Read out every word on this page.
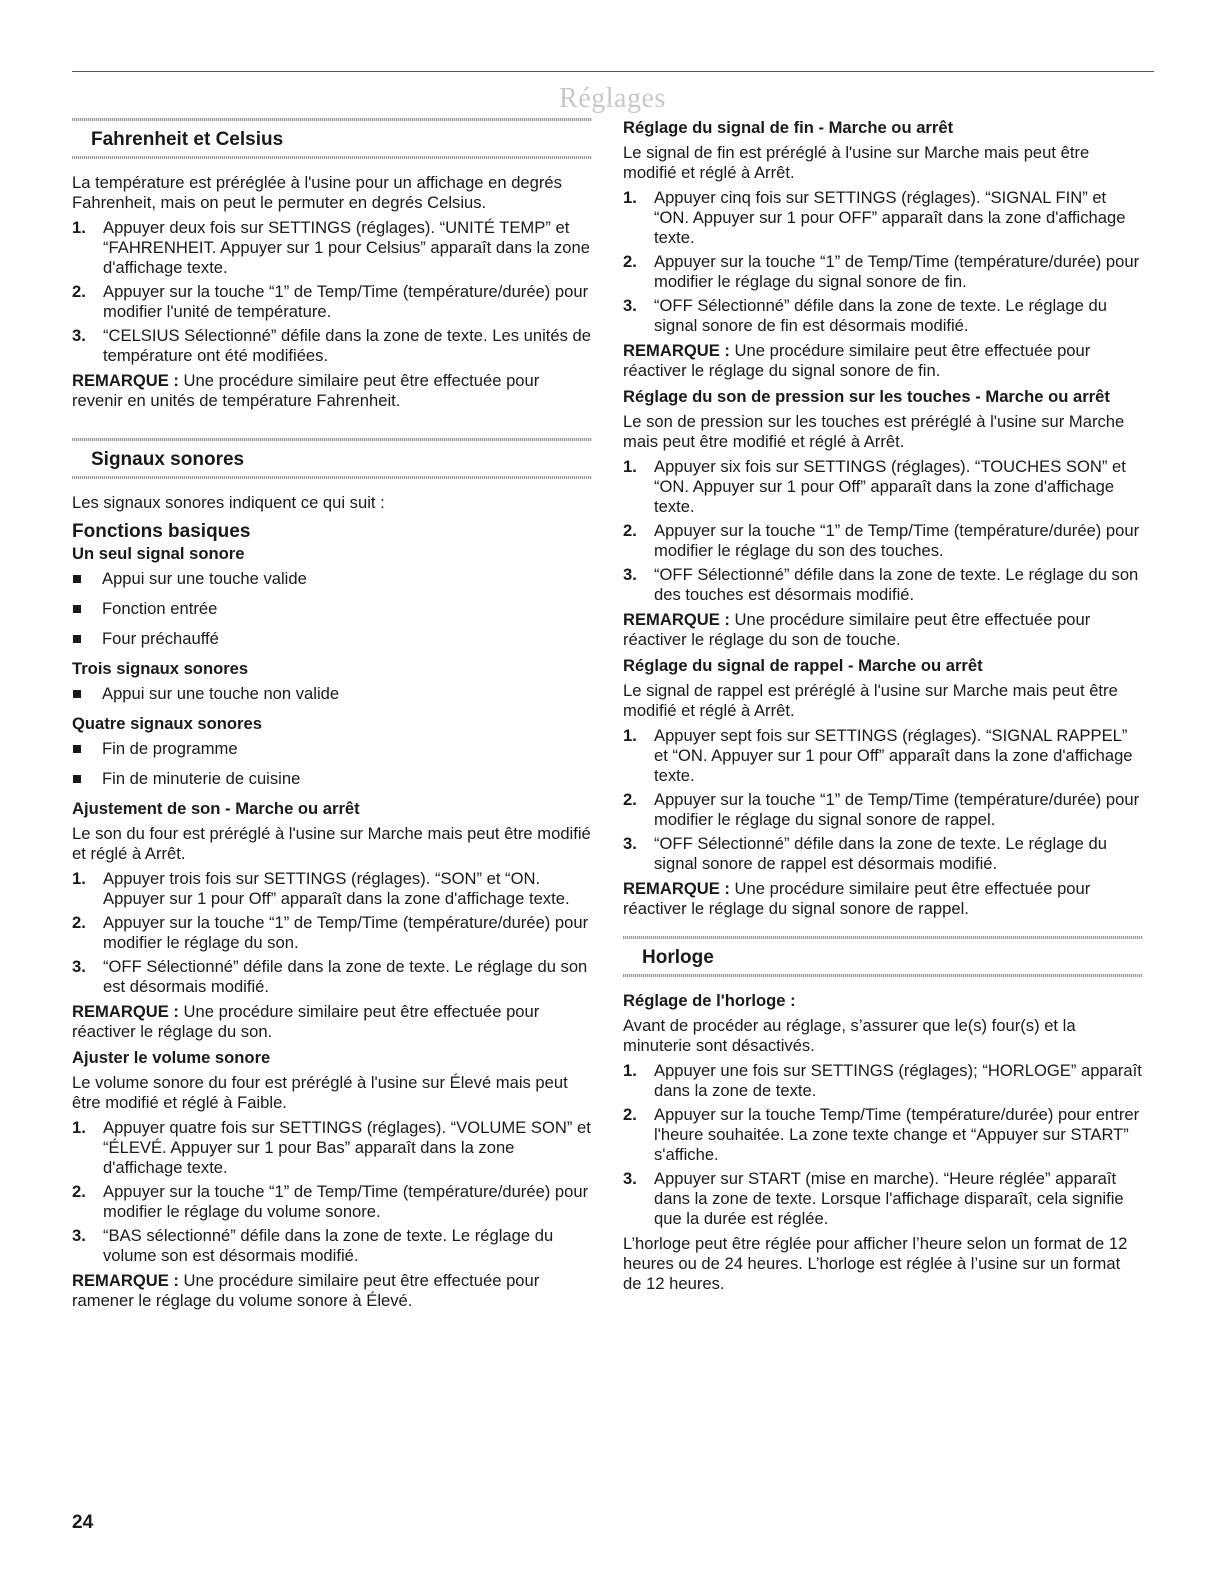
Réglages
Fahrenheit et Celsius

La température est préréglée à l'usine pour un affichage en degrés Fahrenheit, mais on peut le permuter en degrés Celsius.

1.	Appuyer deux fois sur SETTINGS (réglages). “UNITÉ TEMP” et “FAHRENHEIT. Appuyer sur 1 pour Celsius” apparaît dans la zone d'affichage texte.
2.	Appuyer sur la touche “1” de Temp/Time (température/durée) pour modifier l'unité de température.
3.	“CELSIUS Sélectionné” défile dans la zone de texte. Les unités de température ont été modifiées.

REMARQUE : Une procédure similaire peut être effectuée pour revenir en unités de température Fahrenheit.

Signaux sonores

Les signaux sonores indiquent ce qui suit :

Fonctions basiques
Un seul signal sonore
Appui sur une touche valide
Fonction entrée
Four préchauffé
Trois signaux sonores
Appui sur une touche non valide
Quatre signaux sonores
Fin de programme
Fin de minuterie de cuisine
Ajustement de son - Marche ou arrêt

Le son du four est préréglé à l'usine sur Marche mais peut être modifié et réglé à Arrêt.

1.	Appuyer trois fois sur SETTINGS (réglages). “SON” et “ON. Appuyer sur 1 pour Off” apparaît dans la zone d'affichage texte.
2.	Appuyer sur la touche “1” de Temp/Time (température/durée) pour modifier le réglage du son.
3.	“OFF Sélectionné” défile dans la zone de texte. Le réglage du son est désormais modifié.

REMARQUE : Une procédure similaire peut être effectuée pour réactiver le réglage du son.

Ajuster le volume sonore

Le volume sonore du four est préréglé à l'usine sur Élevé mais peut être modifié et réglé à Faible.

1.	Appuyer quatre fois sur SETTINGS (réglages). “VOLUME SON” et “ÉLEVÉ. Appuyer sur 1 pour Bas” apparaît dans la zone d'affichage texte.
2.	Appuyer sur la touche “1” de Temp/Time (température/durée) pour modifier le réglage du volume sonore.
3.	“BAS sélectionné” défile dans la zone de texte. Le réglage du volume son est désormais modifié.

REMARQUE : Une procédure similaire peut être effectuée pour ramener le réglage du volume sonore à Élevé.

Réglage du signal de fin - Marche ou arrêt

Le signal de fin est préréglé à l'usine sur Marche mais peut être modifié et réglé à Arrêt.

1.	Appuyer cinq fois sur SETTINGS (réglages). “SIGNAL FIN” et “ON. Appuyer sur 1 pour OFF” apparaît dans la zone d'affichage texte.
2.	Appuyer sur la touche “1” de Temp/Time (température/durée) pour modifier le réglage du signal sonore de fin.
3.	“OFF Sélectionné” défile dans la zone de texte. Le réglage du signal sonore de fin est désormais modifié.

REMARQUE : Une procédure similaire peut être effectuée pour réactiver le réglage du signal sonore de fin.

Réglage du son de pression sur les touches - Marche ou arrêt

Le son de pression sur les touches est préréglé à l'usine sur Marche mais peut être modifié et réglé à Arrêt.

1.	Appuyer six fois sur SETTINGS (réglages). “TOUCHES SON” et “ON. Appuyer sur 1 pour Off” apparaît dans la zone d'affichage texte.
2.	Appuyer sur la touche “1” de Temp/Time (température/durée) pour modifier le réglage du son des touches.
3.	“OFF Sélectionné” défile dans la zone de texte. Le réglage du son des touches est désormais modifié.

REMARQUE : Une procédure similaire peut être effectuée pour réactiver le réglage du son de touche.

Réglage du signal de rappel - Marche ou arrêt

Le signal de rappel est préréglé à l'usine sur Marche mais peut être modifié et réglé à Arrêt.

1.	Appuyer sept fois sur SETTINGS (réglages). “SIGNAL RAPPEL” et “ON. Appuyer sur 1 pour Off” apparaît dans la zone d'affichage texte.
2.	Appuyer sur la touche “1” de Temp/Time (température/durée) pour modifier le réglage du signal sonore de rappel.
3.	“OFF Sélectionné” défile dans la zone de texte. Le réglage du signal sonore de rappel est désormais modifié.

REMARQUE : Une procédure similaire peut être effectuée pour réactiver le réglage du signal sonore de rappel.

Horloge
Réglage de l'horloge :

Avant de procéder au réglage, s’assurer que le(s) four(s) et la minuterie sont désactivés.

1.	Appuyer une fois sur SETTINGS (réglages); “HORLOGE” apparaît dans la zone de texte.
2.	Appuyer sur la touche Temp/Time (température/durée) pour entrer l'heure souhaitée. La zone texte change et “Appuyer sur START” s'affiche.
3.	Appuyer sur START (mise en marche). “Heure réglée” apparaît dans la zone de texte. Lorsque l'affichage disparaît, cela signifie que la durée est réglée.

L’horloge peut être réglée pour afficher l’heure selon un format de 12 heures ou de 24 heures. L’horloge est réglée à l’usine sur un format de 12 heures.

24
